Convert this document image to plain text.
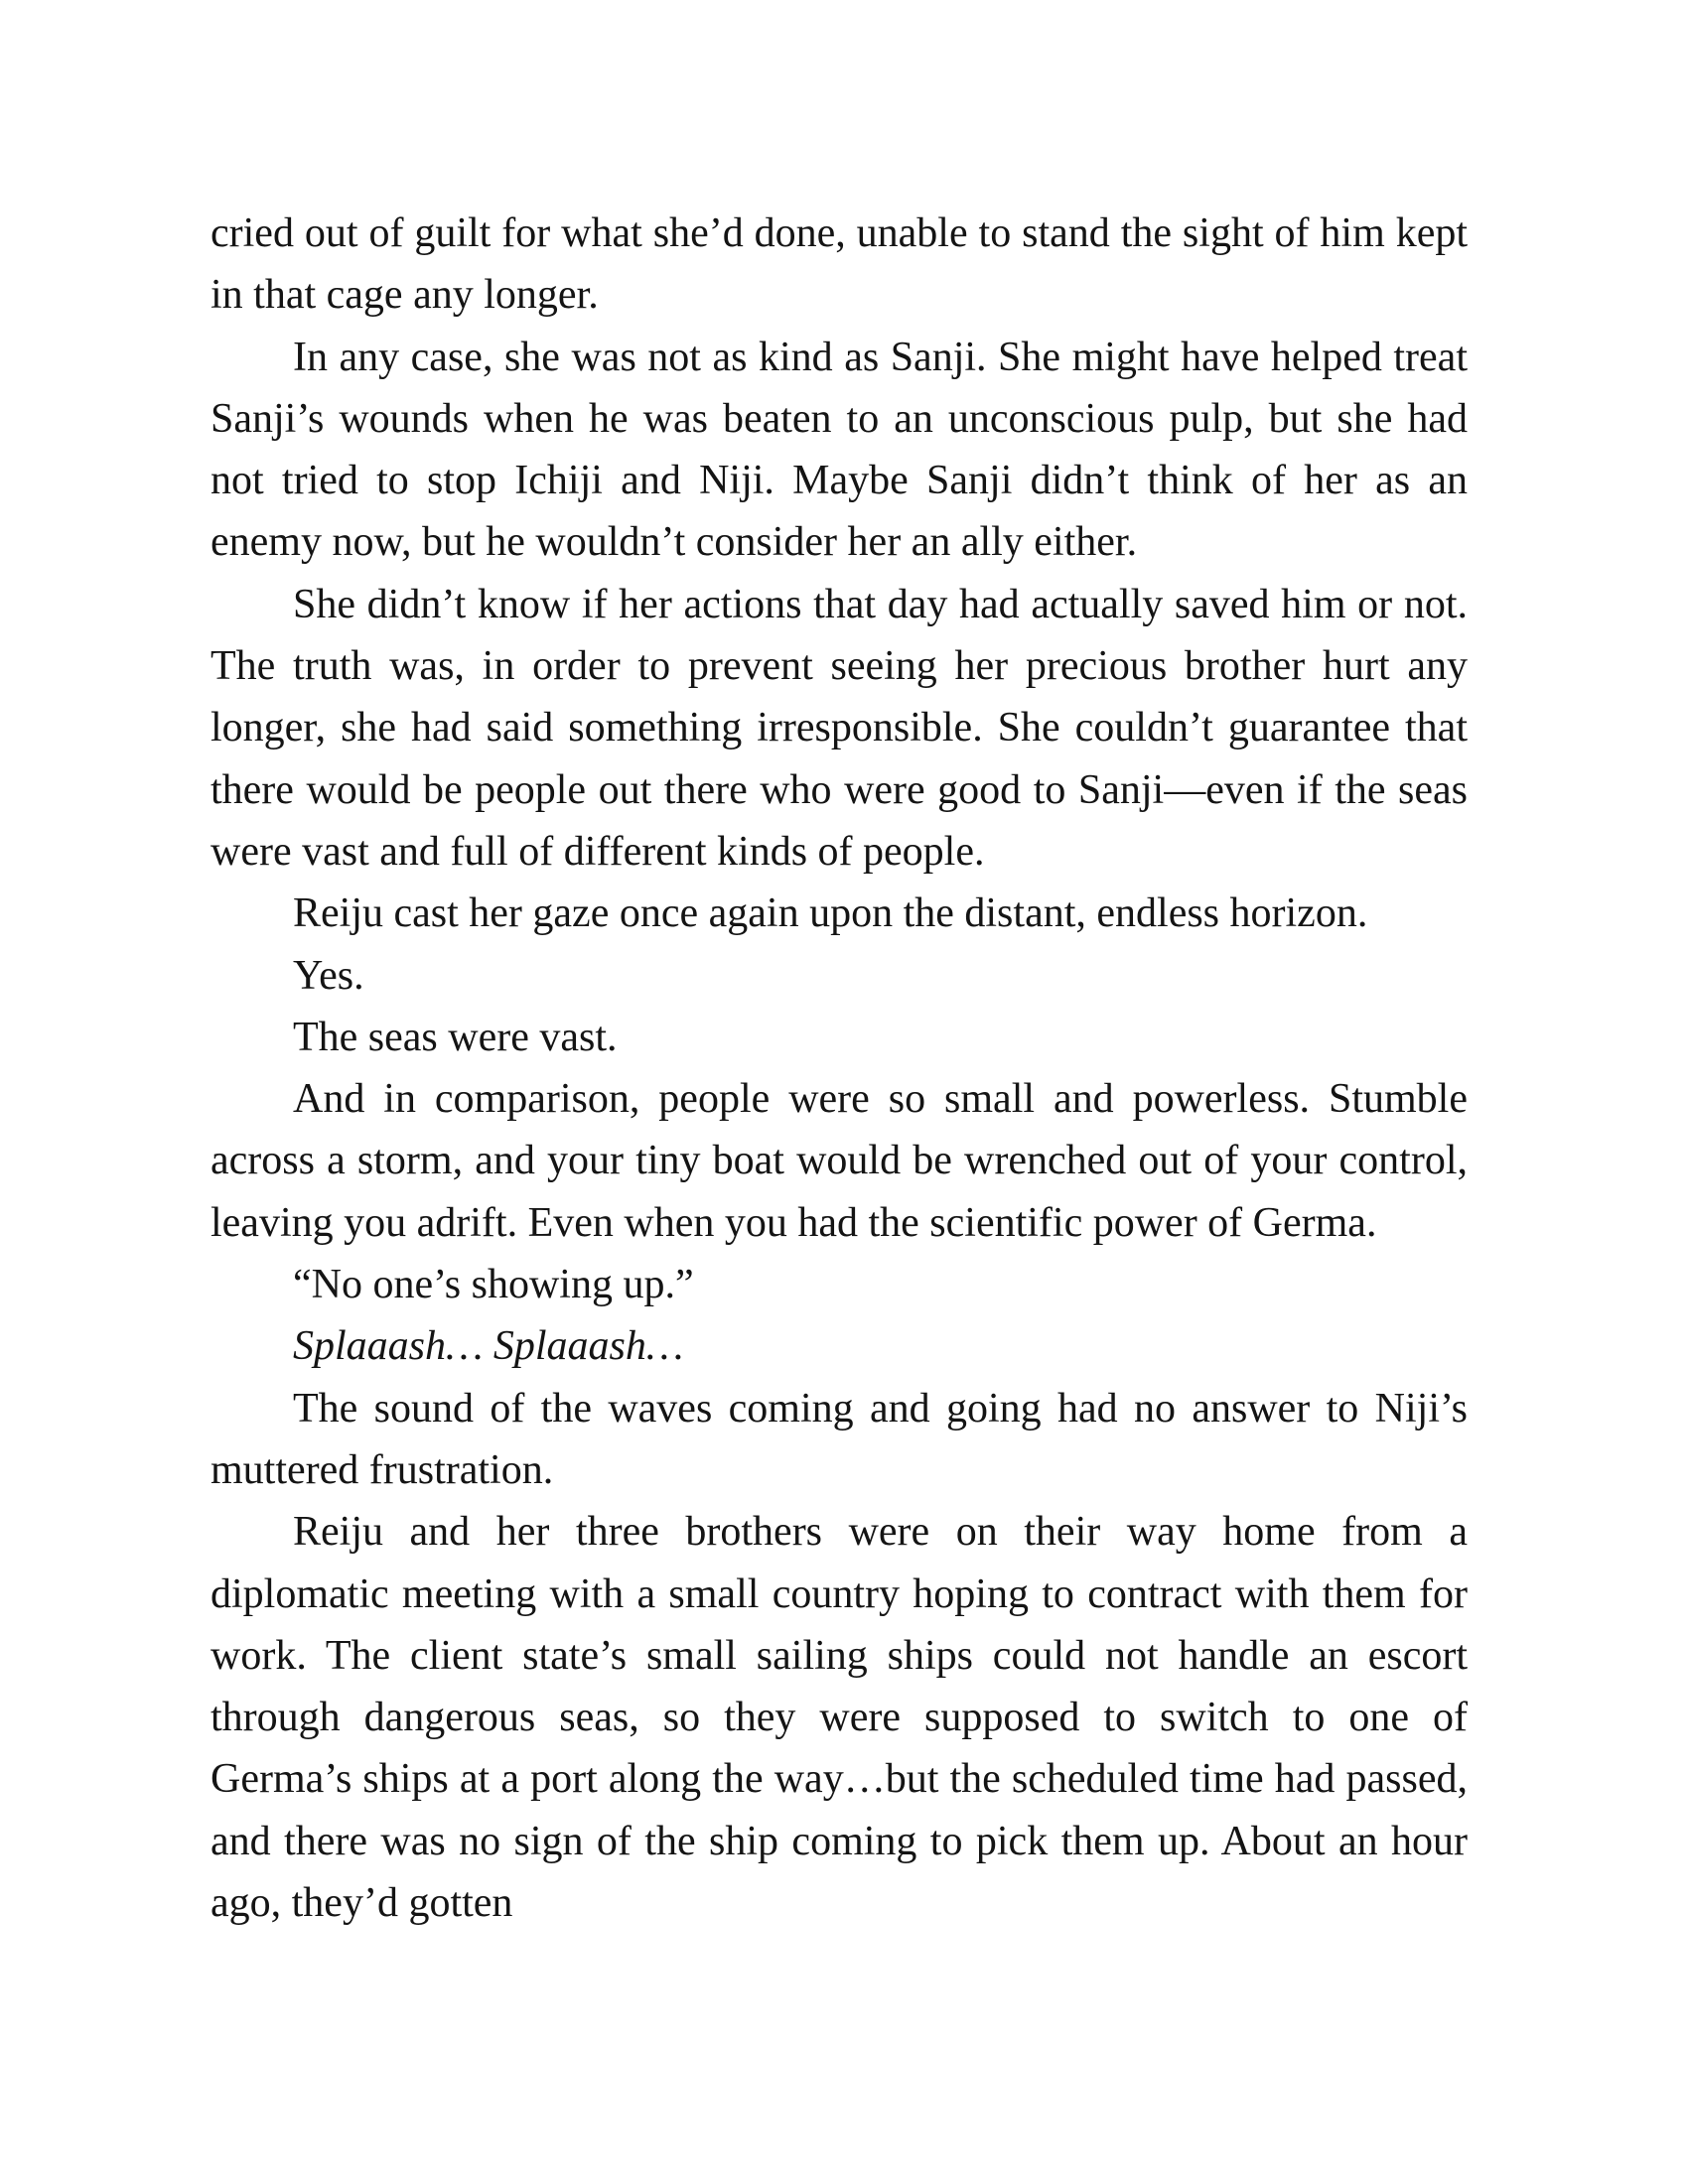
cried out of guilt for what she’d done, unable to stand the sight of him kept in that cage any longer.

In any case, she was not as kind as Sanji. She might have helped treat Sanji’s wounds when he was beaten to an unconscious pulp, but she had not tried to stop Ichiji and Niji. Maybe Sanji didn’t think of her as an enemy now, but he wouldn’t consider her an ally either.

She didn’t know if her actions that day had actually saved him or not. The truth was, in order to prevent seeing her precious brother hurt any longer, she had said something irresponsible. She couldn’t guarantee that there would be people out there who were good to Sanji—even if the seas were vast and full of different kinds of people.

Reiju cast her gaze once again upon the distant, endless horizon.

Yes.

The seas were vast.

And in comparison, people were so small and powerless. Stumble across a storm, and your tiny boat would be wrenched out of your control, leaving you adrift. Even when you had the scientific power of Germa.

“No one’s showing up.”

Splaaash… Splaaash…

The sound of the waves coming and going had no answer to Niji’s muttered frustration.

Reiju and her three brothers were on their way home from a diplomatic meeting with a small country hoping to contract with them for work. The client state’s small sailing ships could not handle an escort through dangerous seas, so they were supposed to switch to one of Germa’s ships at a port along the way…but the scheduled time had passed, and there was no sign of the ship coming to pick them up. About an hour ago, they’d gotten
